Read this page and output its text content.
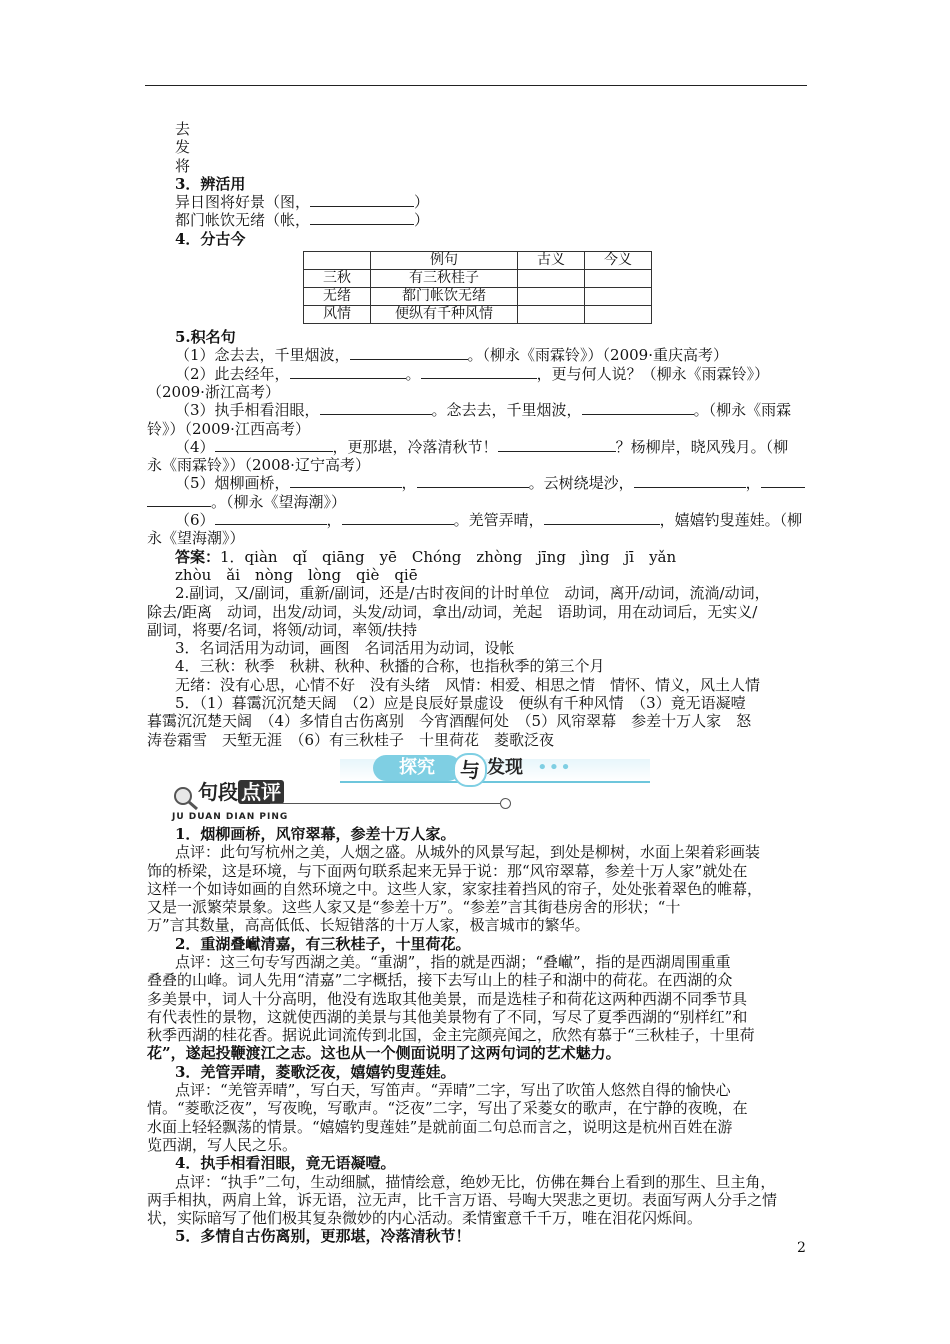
去
发
将
3．辨活用
异日图将好景（图，	）
都门帐饮无绪（帐，	）
4．分古今
	例句	古义	今义
三秋	有三秋桂子		
无绪	都门帐饮无绪		
风情	便纵有千种风情		
5.积名句
（1）念去去，千里烟波，	。（柳永《雨霖铃》）（2009·重庆高考）
（2）此去经年，	。	，更与何人说？（柳永《雨霖铃》）
（2009·浙江高考）
（3）执手相看泪眼，	。念去去，千里烟波，	。（柳永《雨霖
铃》）（2009·江西高考）
（4）	，更那堪，冷落清秋节！	？杨柳岸，晓风残月。（柳
永《雨霖铃》）（2008·辽宁高考）
（5）烟柳画桥，	，	。云树绕堤沙，	，
。（柳永《望海潮》）
（6）	，	。羌管弄晴，	，嬉嬉钓叟莲娃。（柳
永《望海潮》）
答案：1．qiàn　qǐ　qiāng　yē　Chóng　zhòng　jīng　jìng　jī　yǎn
zhòu　ǎi　nòng　lòng　qiè　qiē
2.副词，又/副词，重新/副词，还是/古时夜间的计时单位　动词，离开/动词，流淌/动词，
除去/距离　动词，出发/动词，头发/动词，拿出/动词，羌起　语助词，用在动词后，无实义/
副词，将要/名词，将领/动词，率领/扶持
3．名词活用为动词，画图　名词活用为动词，设帐
4．三秋：秋季　秋耕、秋种、秋播的合称，也指秋季的第三个月
无绪：没有心思，心情不好　没有头绪　风情：相爱、相思之情　情怀、情义，风土人情
5．（1）暮霭沉沉楚天阔　（2）应是良辰好景虚设　便纵有千种风情　（3）竟无语凝噎
暮霭沉沉楚天阔　（4）多情自古伤离别　今宵酒醒何处　（5）风帘翠幕　参差十万人家　怒
涛卷霜雪　天堑无涯　（6）有三秋桂子　十里荷花　菱歌泛夜
探究	与 发现 •••
句段 点评
JU DUAN DIAN PING
1．烟柳画桥，风帘翠幕，参差十万人家。
点评：此句写杭州之美，人烟之盛。从城外的风景写起，到处是柳树，水面上架着彩画装
饰的桥梁，这是环境，与下面两句联系起来无异于说：那“风帘翠幕，参差十万人家”就处在
这样一个如诗如画的自然环境之中。这些人家，家家挂着挡风的帘子，处处张着翠色的帷幕，
又是一派繁荣景象。这些人家又是“参差十万”。“参差”言其街巷房舍的形状；“十
万”言其数量，高高低低、长短错落的十万人家，极言城市的繁华。
2．重湖叠𪩘清嘉，有三秋桂子，十里荷花。
点评：这三句专写西湖之美。“重湖”，指的就是西湖；“叠𪩘”，指的是西湖周围重重
叠叠的山峰。词人先用“清嘉”二字概括，接下去写山上的桂子和湖中的荷花。在西湖的众
多美景中，词人十分高明，他没有选取其他美景，而是选桂子和荷花这两种西湖不同季节具
有代表性的景物，这就使西湖的美景与其他美景物有了不同，写尽了夏季西湖的“别样红”和
秋季西湖的桂花香。据说此词流传到北国，金主完颜亮闻之，欣然有慕于“三秋桂子，十里荷
花”，遂起投鞭渡江之志。这也从一个侧面说明了这两句词的艺术魅力。
3．羌管弄晴，菱歌泛夜，嬉嬉钓叟莲娃。
点评：“羌管弄晴”，写白天，写笛声。“弄晴”二字，写出了吹笛人悠然自得的愉快心
情。“菱歌泛夜”，写夜晚，写歌声。“泛夜”二字，写出了采菱女的歌声，在宁静的夜晚，在
水面上轻轻飘荡的情景。“嬉嬉钓叟莲娃”是就前面二句总而言之，说明这是杭州百姓在游
览西湖，写人民之乐。
4．执手相看泪眼，竟无语凝噎。
点评：“执手”二句，生动细腻，描情绘意，绝妙无比，仿佛在舞台上看到的那生、旦主角，
两手相执，两肩上耸，诉无语，泣无声，比千言万语、号啕大哭悲之更切。表面写两人分手之情
状，实际暗写了他们极其复杂微妙的内心活动。柔情蜜意千千万，唯在泪花闪烁间。
5．多情自古伤离别，更那堪，冷落清秋节！
2
